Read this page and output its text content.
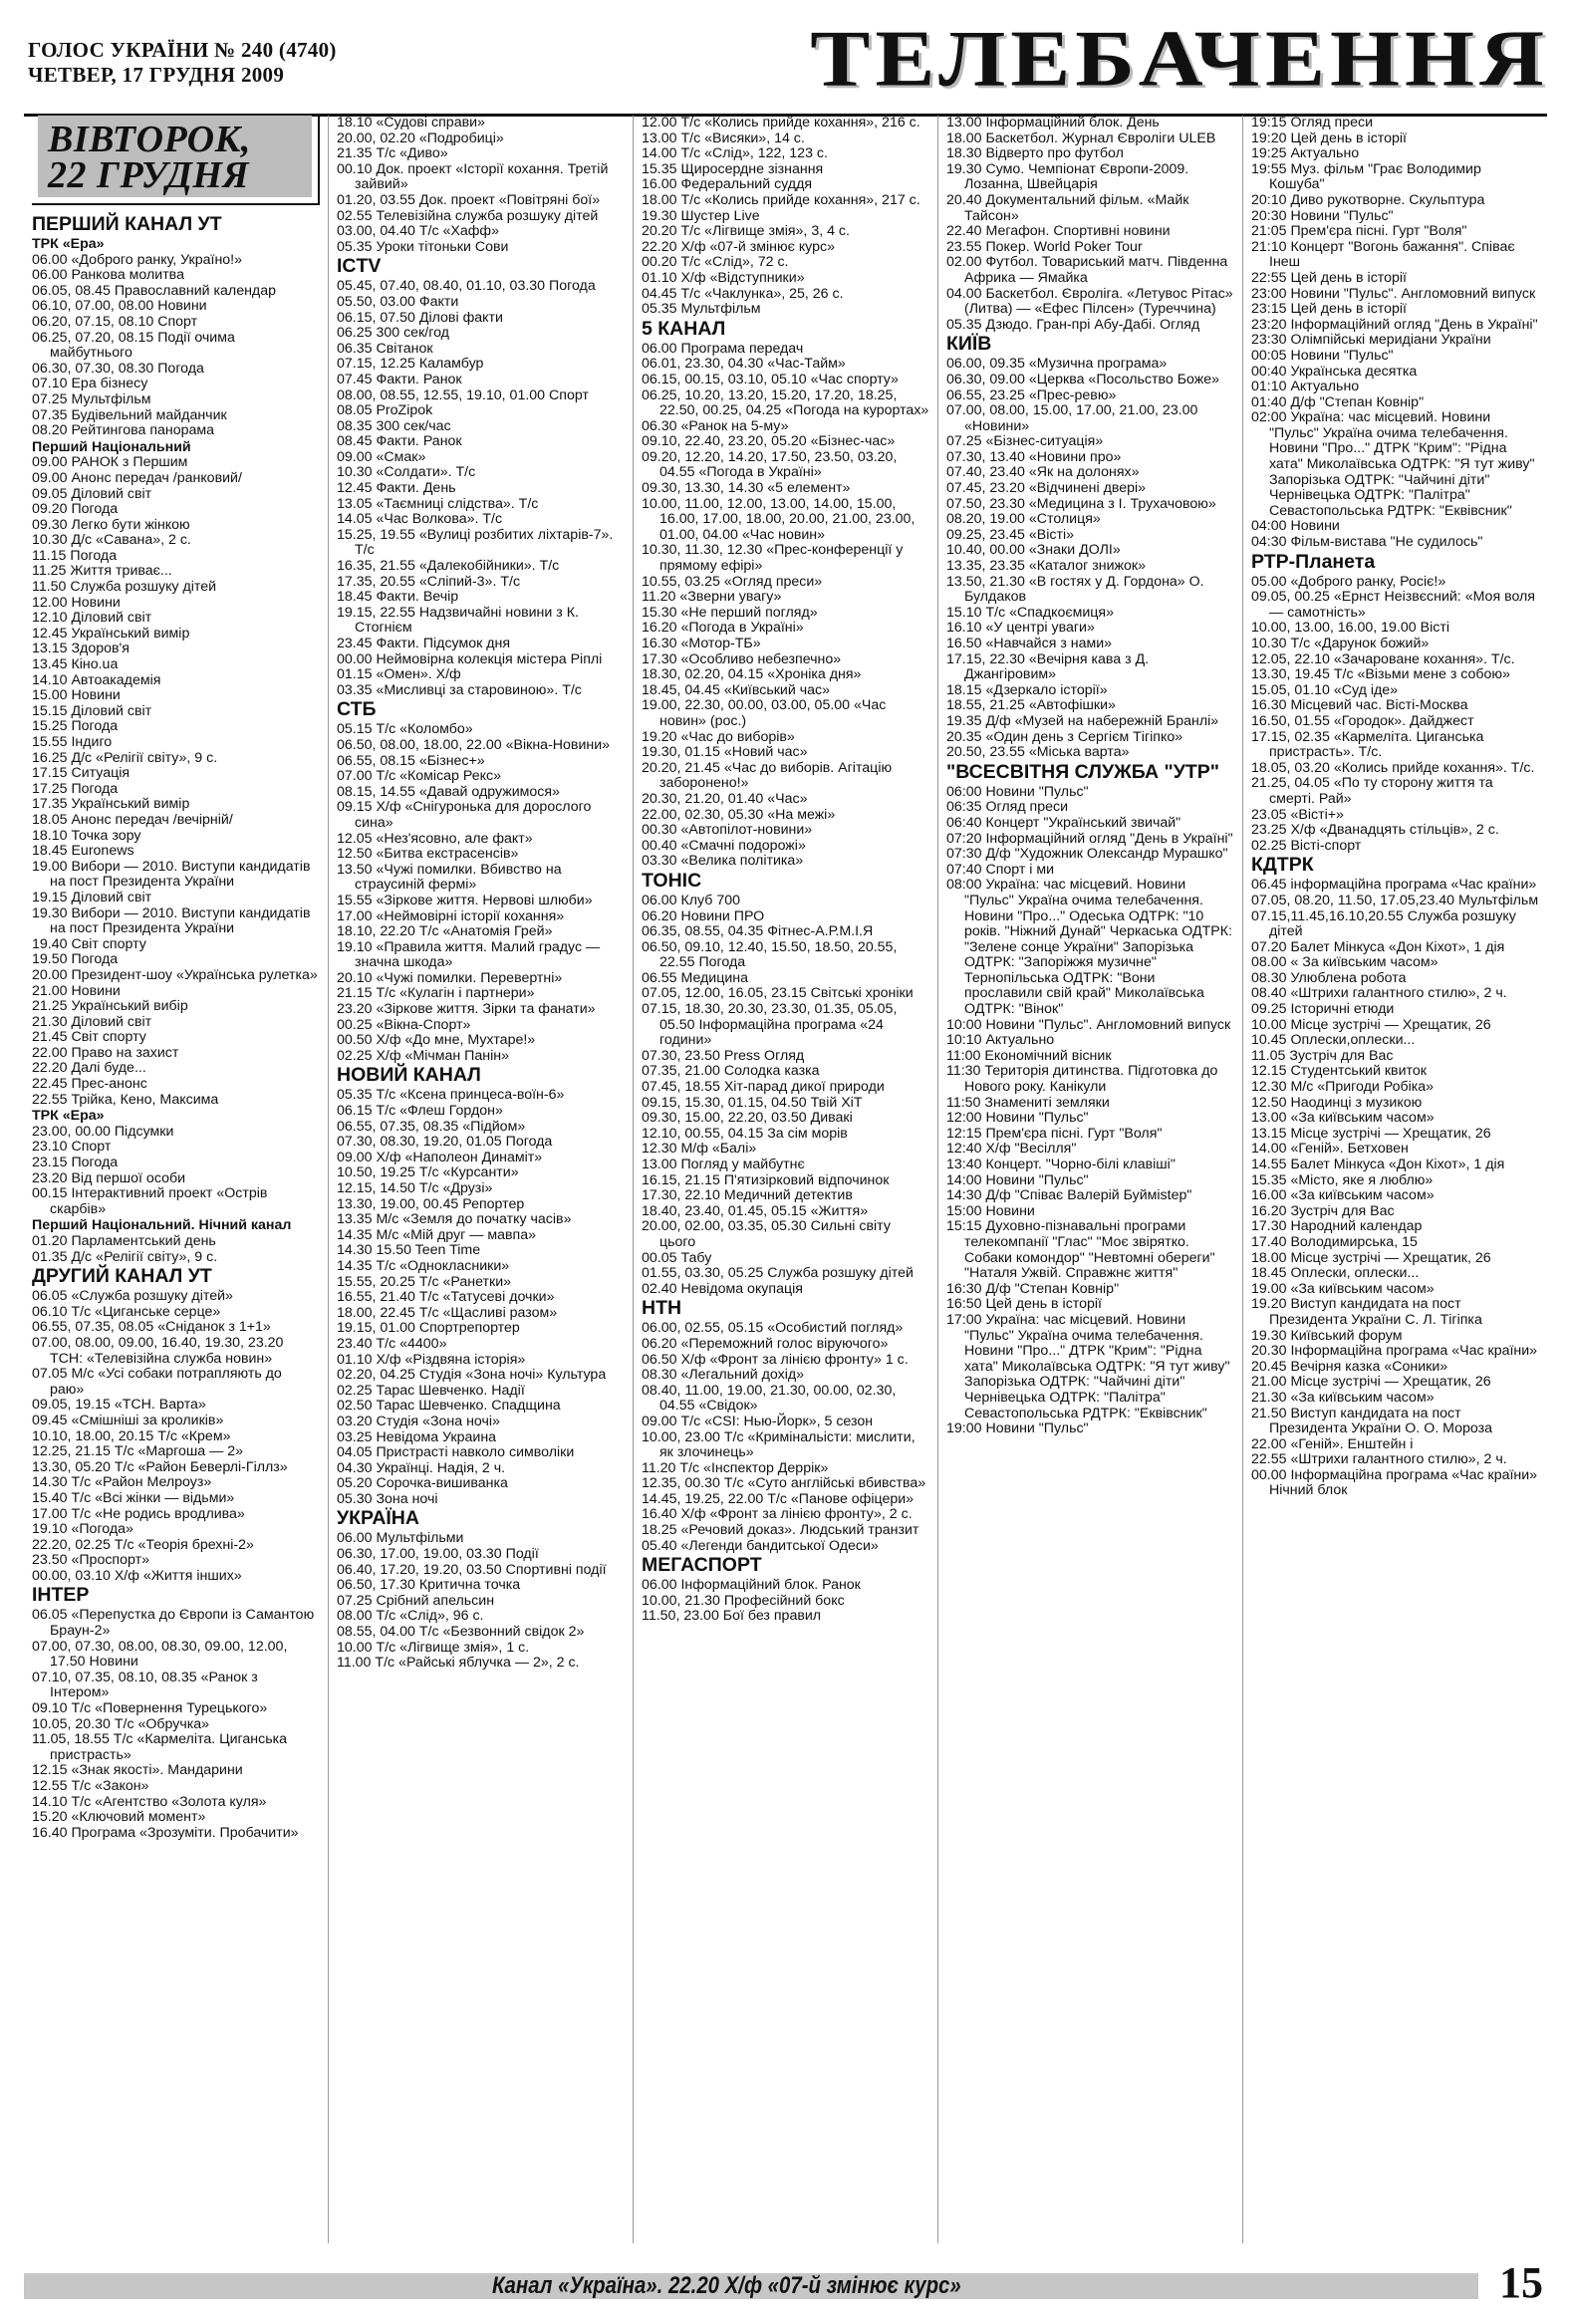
ГОЛОС УКРАЇНИ № 240 (4740)
ЧЕТВЕР, 17 ГРУДНЯ 2009	ТЕЛЕБАЧЕННЯ
ВІВТОРОК,
22 ГРУДНЯ
ПЕРШИЙ КАНАЛ УТ
ТРК «Ера»
06.00 «Доброго ранку, Україно!»
06.00 Ранкова молитва
06.05, 08.45 Православний календар
06.10, 07.00, 08.00 Новини
06.20, 07.15, 08.10 Спорт
06.25, 07.20, 08.15 Події очима майбутнього
06.30, 07.30, 08.30 Погода
07.10 Ера бізнесу
07.25 Мультфільм
07.35 Будівельний майданчик
08.20 Рейтингова панорама
Перший Національний
09.00 РАНОК з Першим
09.00 Анонс передач /ранковий/
09.05 Діловий світ
09.20 Погода
09.30 Легко бути жінкою
10.30 Д/с «Савана», 2 с.
11.15 Погода
11.25 Життя триває...
11.50 Служба розшуку дітей
12.00 Новини
12.10 Діловий світ
12.45 Український вимір
13.15 Здоров'я
13.45 Кіно.ua
14.10 Автоакадемія
15.00 Новини
15.15 Діловий світ
15.25 Погода
15.55 Індиго
16.25 Д/с «Релігії світу», 9 с.
17.15 Ситуація
17.25 Погода
17.35 Український вимір
18.05 Анонс передач /вечірній/
18.10 Точка зору
18.45 Euronews
19.00 Вибори — 2010. Виступи кандидатів на пост Президента України
19.15 Діловий світ
19.30 Вибори — 2010. Виступи кандидатів на пост Президента України
19.40 Світ спорту
19.50 Погода
20.00 Президент-шоу «Українська рулетка»
21.00 Новини
21.25 Український вибір
21.30 Діловий світ
21.45 Світ спорту
22.00 Право на захист
22.20 Далі буде...
22.45 Прес-анонс
22.55 Трійка, Кено, Максима
ТРК «Ера»
23.00, 00.00 Підсумки
23.10 Спорт
23.15 Погода
23.20 Від першої особи
00.15 Інтерактивний проект «Острів скарбів»
Перший Національний. Нічний канал
01.20 Парламентський день
01.35 Д/с «Релігії світу», 9 с.
ДРУГИЙ КАНАЛ УТ
06.05 «Служба розшуку дітей»
06.10 Т/с «Циганське серце»
06.55, 07.35, 08.05 «Сніданок з 1+1»
07.00, 08.00, 09.00, 16.40, 19.30, 23.20 ТСН: «Телевізійна служба новин»
07.05 М/с «Усі собаки потрапляють до раю»
09.05, 19.15 «ТСН. Варта»
09.45 «Смішніші за кроликів»
10.10, 18.00, 20.15 Т/с «Крем»
12.25, 21.15 Т/с «Маргоша — 2»
13.30, 05.20 Т/с «Район Беверлі-Гіллз»
14.30 Т/с «Район Мелроуз»
15.40 Т/с «Всі жінки — відьми»
17.00 Т/с «Не родись вродлива»
19.10 «Погода»
22.20, 02.25 Т/с «Теорія брехні-2»
23.50 «Проспорт»
00.00, 03.10 Х/ф «Життя інших»
ІНТЕР
06.05 «Перепустка до Європи із Самантою Браун-2»
07.00, 07.30, 08.00, 08.30, 09.00, 12.00, 17.50 Новини
07.10, 07.35, 08.10, 08.35 «Ранок з Інтером»
09.10 Т/с «Повернення Турецького»
10.05, 20.30 Т/с «Обручка»
11.05, 18.55 Т/с «Кармеліта. Циганська пристрасть»
12.15 «Знак якості». Мандарини
12.55 Т/с «Закон»
14.10 Т/с «Агентство «Золота куля»
15.20 «Ключовий момент»
16.40 Програма «Зрозуміти. Пробачити»
18.10 «Судові справи»
20.00, 02.20 «Подробиці»
21.35 Т/с «Диво»
00.10 Док. проект «Історії кохання. Третій зайвий»
01.20, 03.55 Док. проект «Повітряні бої»
02.55 Телевізійна служба розшуку дітей
03.00, 04.40 Т/с «Хафф»
05.35 Уроки тітоньки Сови
ICTV
05.45, 07.40, 08.40, 01.10, 03.30 Погода
05.50, 03.00 Факти
06.15, 07.50 Ділові факти
06.25 300 сек/год
06.35 Світанок
07.15, 12.25 Каламбур
07.45 Факти. Ранок
08.00, 08.55, 12.55, 19.10, 01.00 Спорт
08.05 ProZipok
08.35 300 сек/час
08.45 Факти. Ранок
09.00 «Смак»
10.30 «Солдати». Т/с
12.45 Факти. День
13.05 «Таємниці слідства». Т/с
14.05 «Час Волкова». Т/с
15.25, 19.55 «Вулиці розбитих ліхтарів-7». Т/с
16.35, 21.55 «Далекобійники». Т/с
17.35, 20.55 «Сліпий-3». Т/с
18.45 Факти. Вечір
19.15, 22.55 Надзвичайні новини з К. Стогнієм
23.45 Факти. Підсумок дня
00.00 Неймовірна колекція містера Ріплі
01.15 «Омен». Х/ф
03.35 «Мисливці за старовиною». Т/с
СТБ
05.15 Т/с «Коломбо»
06.50, 08.00, 18.00, 22.00 «Вікна-Новини»
06.55, 08.15 «Бізнес+»
07.00 Т/с «Комісар Рекс»
08.15, 14.55 «Давай одружимося»
09.15 Х/ф «Снігуронька для дорослого сина»
12.05 «Нез'ясовно, але факт»
12.50 «Битва екстрасенсів»
13.50 «Чужі помилки. Вбивство на страусиній фермі»
15.55 «Зіркове життя. Нервові шлюби»
17.00 «Неймовірні історії кохання»
18.10, 22.20 Т/с «Анатомія Грей»
19.10 «Правила життя. Малий градус — значна шкода»
20.10 «Чужі помилки. Перевертні»
21.15 Т/с «Кулагін і партнери»
23.20 «Зіркове життя. Зірки та фанати»
00.25 «Вікна-Спорт»
00.50 Х/ф «До мне, Мухтаре!»
02.25 Х/ф «Мічман Панін»
НОВИЙ КАНАЛ
05.35 Т/с «Ксена принцеса-воїн-6»
06.15 Т/с «Флеш Гордон»
06.55, 07.35, 08.35 «Підйом»
07.30, 08.30, 19.20, 01.05 Погода
09.00 Х/ф «Наполеон Динаміт»
10.50, 19.25 Т/с «Курсанти»
12.15, 14.50 Т/с «Друзі»
13.30, 19.00, 00.45 Репортер
13.35 М/с «Земля до початку часів»
14.35 М/с «Мій друг — мавпа»
14.30 15.50 Teen Time
14.35 Т/с «Однокласники»
15.55, 20.25 Т/с «Ранетки»
16.55, 21.40 Т/с «Татусеві дочки»
18.00, 22.45 Т/с «Щасливі разом»
19.15, 01.00 Спортрепортер
23.40 Т/с «4400»
01.10 Х/ф «Різдвяна історія»
02.20, 04.25 Студія «Зона ночі» Культура
02.25 Тарас Шевченко. Надії
02.50 Тарас Шевченко. Спадщина
03.20 Студія «Зона ночі»
03.25 Невідома Украина
04.05 Пристрасті навколо символіки
04.30 Українці. Надія, 2 ч.
05.20 Сорочка-вишиванка
05.30 Зона ночі
УКРАЇНА
06.00 Мультфільми
06.30, 17.00, 19.00, 03.30 Події
06.40, 17.20, 19.20, 03.50 Спортивні події
06.50, 17.30 Критична точка
07.25 Срібний апельсин
08.00 Т/с «Слід», 96 с.
08.55, 04.00 Т/с «Безвонний свідок 2»
10.00 Т/с «Лігвище змія», 1 с.
11.00 Т/с «Райські яблучка — 2», 2 с.
12.00 Т/с «Колись прийде кохання», 216 с.
13.00 Т/с «Висяки», 14 с.
14.00 Т/с «Слід», 122, 123 с.
15.35 Щиросердне зізнання
16.00 Федеральний суддя
18.00 Т/с «Колись прийде кохання», 217 с.
19.30 Шустер Live
20.20 Т/с «Лігвище змія», 3, 4 с.
22.20 Х/ф «07-й змінює курс»
00.20 Т/с «Слід», 72 с.
01.10 Х/ф «Відступники»
04.45 Т/с «Чаклунка», 25, 26 с.
05.35 Мультфільм
5 КАНАЛ
06.00 Програма передач
06.01, 23.30, 04.30 «Час-Тайм»
06.15, 00.15, 03.10, 05.10 «Час спорту»
06.25, 10.20, 13.20, 15.20, 17.20, 18.25, 22.50, 00.25, 04.25 «Погода на курортах»
06.30 «Ранок на 5-му»
09.10, 22.40, 23.20, 05.20 «Бізнес-час»
09.20, 12.20, 14.20, 17.50, 23.50, 03.20, 04.55 «Погода в Україні»
09.30, 13.30, 14.30 «5 елемент»
10.00, 11.00, 12.00, 13.00, 14.00, 15.00, 16.00, 17.00, 18.00, 20.00, 21.00, 23.00, 01.00, 04.00 «Час новин»
10.30, 11.30, 12.30 «Прес-конференції у прямому ефірі»
10.55, 03.25 «Огляд преси»
11.20 «Зверни увагу»
15.30 «Не перший погляд»
16.20 «Погода в Україні»
16.30 «Мотор-ТБ»
17.30 «Особливо небезпечно»
18.30, 02.20, 04.15 «Хроніка дня»
18.45, 04.45 «Київський час»
19.00, 22.30, 00.00, 03.00, 05.00 «Час новин» (рос.)
19.20 «Час до виборів»
19.30, 01.15 «Новий час»
20.20, 21.45 «Час до виборів. Агітацію заборонено!»
20.30, 21.20, 01.40 «Час»
22.00, 02.30, 05.30 «На межі»
00.30 «Автопілот-новини»
00.40 «Смачні подорожі»
03.30 «Велика політика»
ТОНІС
06.00 Клуб 700
06.20 Новини ПРО
06.35, 08.55, 04.35 Фітнес-А.Р.М.І.Я
06.50, 09.10, 12.40, 15.50, 18.50, 20.55, 22.55 Погода
06.55 Медицина
07.05, 12.00, 16.05, 23.15 Світські хроніки
07.15, 18.30, 20.30, 23.30, 01.35, 05.05, 05.50 Інформаційна програма «24 години»
07.30, 23.50 Press Огляд
07.35, 21.00 Солодка казка
07.45, 18.55 Хіт-парад дикої природи
09.15, 15.30, 01.15, 04.50 Твій ХіТ
09.30, 15.00, 22.20, 03.50 Дивакі
12.10, 00.55, 04.15 За сім морів
12.30 М/ф «Балі»
13.00 Погляд у майбутнє
16.15, 21.15 П'ятизірковий відпочинок
17.30, 22.10 Медичний детектив
18.40, 23.40, 01.45, 05.15 «Життя»
20.00, 02.00, 03.35, 05.30 Сильні світу цього
00.05 Табу
01.55, 03.30, 05.25 Служба розшуку дітей
02.40 Невідома окупація
НТН
06.00, 02.55, 05.15 «Особистий погляд»
06.20 «Переможний голос віруючого»
06.50 Х/ф «Фронт за лінією фронту» 1 с.
08.30 «Легальний дохід»
08.40, 11.00, 19.00, 21.30, 00.00, 02.30, 04.55 «Свідок»
09.00 Т/с «CSI: Нью-Йорк», 5 сезон
10.00, 23.00 Т/с «Кримінальісти: мислити, як злочинець»
11.20 Т/с «Інспектор Деррік»
12.35, 00.30 Т/с «Суто англійські вбивства»
14.45, 19.25, 22.00 Т/с «Панове офіцери»
16.40 Х/ф «Фронт за лінією фронту», 2 с.
18.25 «Речовий доказ». Людський транзит
05.40 «Легенди бандитської Одеси»
МЕГАСПОРТ
06.00 Інформаційний блок. Ранок
10.00, 21.30 Професійний бокс
11.50, 23.00 Бої без правил
13.00 Інформаційний блок. День
18.00 Баскетбол. Журнал Євроліги ULEB
18.30 Відверто про футбол
19.30 Сумо. Чемпіонат Європи-2009. Лозанна, Швейцарія
20.40 Документальний фільм. «Майк Тайсон»
22.40 Мегафон. Спортивні новини
23.55 Покер. World Poker Tour
02.00 Футбол. Товариський матч. Південна Африка — Ямайка
04.00 Баскетбол. Євроліга. «Летувос Рітас» (Литва) — «Ефес Пілсен» (Туреччина)
05.35 Дзюдо. Гран-прі Абу-Дабі. Огляд
КИЇВ
06.00, 09.35 «Музична програма»
06.30, 09.00 «Церква «Посольство Боже»
06.55, 23.25 «Прес-ревю»
07.00, 08.00, 15.00, 17.00, 21.00, 23.00 «Новини»
07.25 «Бізнес-ситуація»
07.30, 13.40 «Новини про»
07.40, 23.40 «Як на долонях»
07.45, 23.20 «Відчинені двері»
07.50, 23.30 «Медицина з І. Трухачовою»
08.20, 19.00 «Столиця»
09.25, 23.45 «Вісті»
10.40, 00.00 «Знаки ДОЛІ»
13.35, 23.35 «Каталог знижок»
13.50, 21.30 «В гостях у Д. Гордона» О. Булдаков
15.10 Т/с «Спадкоємиця»
16.10 «У центрі уваги»
16.50 «Навчайся з нами»
17.15, 22.30 «Вечірня кава з Д. Джангіровим»
18.15 «Дзеркало історії»
18.55, 21.25 «Автофішки»
19.35 Д/ф «Музей на набережній Бранлі»
20.35 «Один день з Сергієм Тігіпко»
20.50, 23.55 «Міська варта»
"ВСЕСВІТНЯ СЛУЖБА "УТР"
06:00 Новини "Пульс"
06:35 Огляд преси
06:40 Концерт "Український звичай"
07:20 Інформаційний огляд "День в Україні"
07:30 Д/ф "Художник Олександр Мурашко"
07:40 Спорт і ми
08:00 Україна: час місцевий. Новини "Пульс" Україна очима телебачення. Новини "Про..." Одеська ОДТРК: "10 років. "Ніжний Дунай" Черкаська ОДТРК: "Зелене сонце України" Запорізька ОДТРК: "Запоріжжя музичне" Тернопільська ОДТРК: "Вони прославили свій край" Миколаївська ОДТРК: "Вінок"
10:00 Новини "Пульс". Англомовний випуск
10:10 Актуально
11:00 Економічний вісник
11:30 Територія дитинства. Підготовка до Нового року. Канікули
11:50 Знамениті земляки
12:00 Новини "Пульс"
12:15 Прем'єра пісні. Гурт "Воля"
12:40 Х/ф "Весілля"
13:40 Концерт. "Чорно-білі клавіші"
14:00 Новини "Пульс"
14:30 Д/ф "Співає Валерій Буйміstер"
15:00 Новини
15:15 Духовно-пізнавальні програми телекомпанії "Глас" "Моє звіряткo. Собаки комондор" "Невтомні обереги" "Наталя Ужвій. Справжнє життя"
16:30 Д/ф "Степан Ковнір"
16:50 Цей день в історії
17:00 Україна: час місцевий. Новини "Пульс" Україна очима телебачення. Новини "Про..." ДТРК "Крим": "Рідна хата" Миколаївська ОДТРК: "Я тут живу" Запорізька ОДТРК: "Чайчині діти" Чернівецька ОДТРК: "Палітра" Севастопольська РДТРК: "Еквівсник"
19:00 Новини "Пульс"
19:15 Огляд преси
19:20 Цей день в історії
19:25 Актуально
19:55 Муз. фільм "Грає Володимир Кошуба"
20:10 Диво рукотворне. Скульптура
20:30 Новини "Пульс"
21:05 Прем'єра пісні. Гурт "Воля"
21:10 Концерт "Вогонь бажання". Співає Інеш
22:55 Цей день в історії
23:00 Новини "Пульс". Англомовний випуск
23:15 Цей день в історії
23:20 Інформаційний огляд "День в Україні"
23:30 Олімпійські меридіани України
00:05 Новини "Пульс"
00:40 Українська десятка
01:10 Актуально
01:40 Д/ф "Степан Ковнір"
02:00 Україна: час місцевий. Новини "Пульс" Україна очима телебачення. Новини "Про..." ДТРК "Крим": "Рідна хата" Миколаївська ОДТРК: "Я тут живу" Запорізька ОДТРК: "Чайчині діти" Чернівецька ОДТРК: "Палітра" Севастопольська РДТРК: "Еквівсник"
04:00 Новини
04:30 Фільм-вистава "Не судилось"
РТР-Планета
05.00 «Доброго ранку, Росіє!»
09.05, 00.25 «Ернст Неізвєсний: «Моя воля — самотність»
10.00, 13.00, 16.00, 19.00 Вісті
10.30 Т/с «Дарунок божий»
12.05, 22.10 «Зачароване кохання». Т/с.
13.30, 19.45 Т/с «Візьми мене з собою»
15.05, 01.10 «Суд іде»
16.30 Місцевий час. Вісті-Москва
16.50, 01.55 «Городок». Дайджест
17.15, 02.35 «Кармеліта. Циганська пристрасть». Т/с.
18.05, 03.20 «Колись прийде кохання». Т/с.
21.25, 04.05 «По ту сторону життя та смерті. Рай»
23.05 «Вісті+»
23.25 Х/ф «Дванадцять стільців», 2 с.
02.25 Вісті-спорт
КДТРК
06.45 інформаційна програма «Час країни»
07.05, 08.20, 11.50, 17.05,23.40 Мультфільм
07.15,11.45,16.10,20.55 Служба розшуку дітей
07.20 Балет Мінкуса «Дон Кіхот», 1 дія
08.00 « За київським часом»
08.30 Улюблена робота
08.40 «Штрихи галантного стилю», 2 ч.
09.25 Історичні етюди
10.00 Місце зустрічі — Хрещатик, 26
10.45 Оплески,оплески...
11.05 Зустріч для Вас
12.15 Студентський квиток
12.30 М/с «Пригоди Робіка»
12.50 Наодинці з музикою
13.00 «За київським часом»
13.15 Місце зустрічі — Хрещатик, 26
14.00 «Геній». Бетховен
14.55 Балет Мінкуса «Дон Кіхот», 1 дія
15.35 «Місто, яке я люблю»
16.00 «За київським часом»
16.20 Зустріч для Вас
17.30 Народний календар
17.40 Володимирська, 15
18.00 Місце зустрічі — Хрещатик, 26
18.45 Оплески, оплески...
19.00 «За київським часом»
19.20 Виступ кандидата на пост Президента України С. Л. Тігіпка
19.30 Київський форум
20.30 Інформаційна програма «Час країни»
20.45 Вечірня казка «Соники»
21.00 Місце зустрічі — Хрещатик, 26
21.30 «За київським часом»
21.50 Виступ кандидата на пост Президента України О. О. Мороза
22.00 «Геній». Енштейн і
22.55 «Штрихи галантного стилю», 2 ч.
00.00 Інформаційна програма «Час країни» Нічний блок
Канал «Україна». 22.20 Х/ф «07-й змінює курс»	15
